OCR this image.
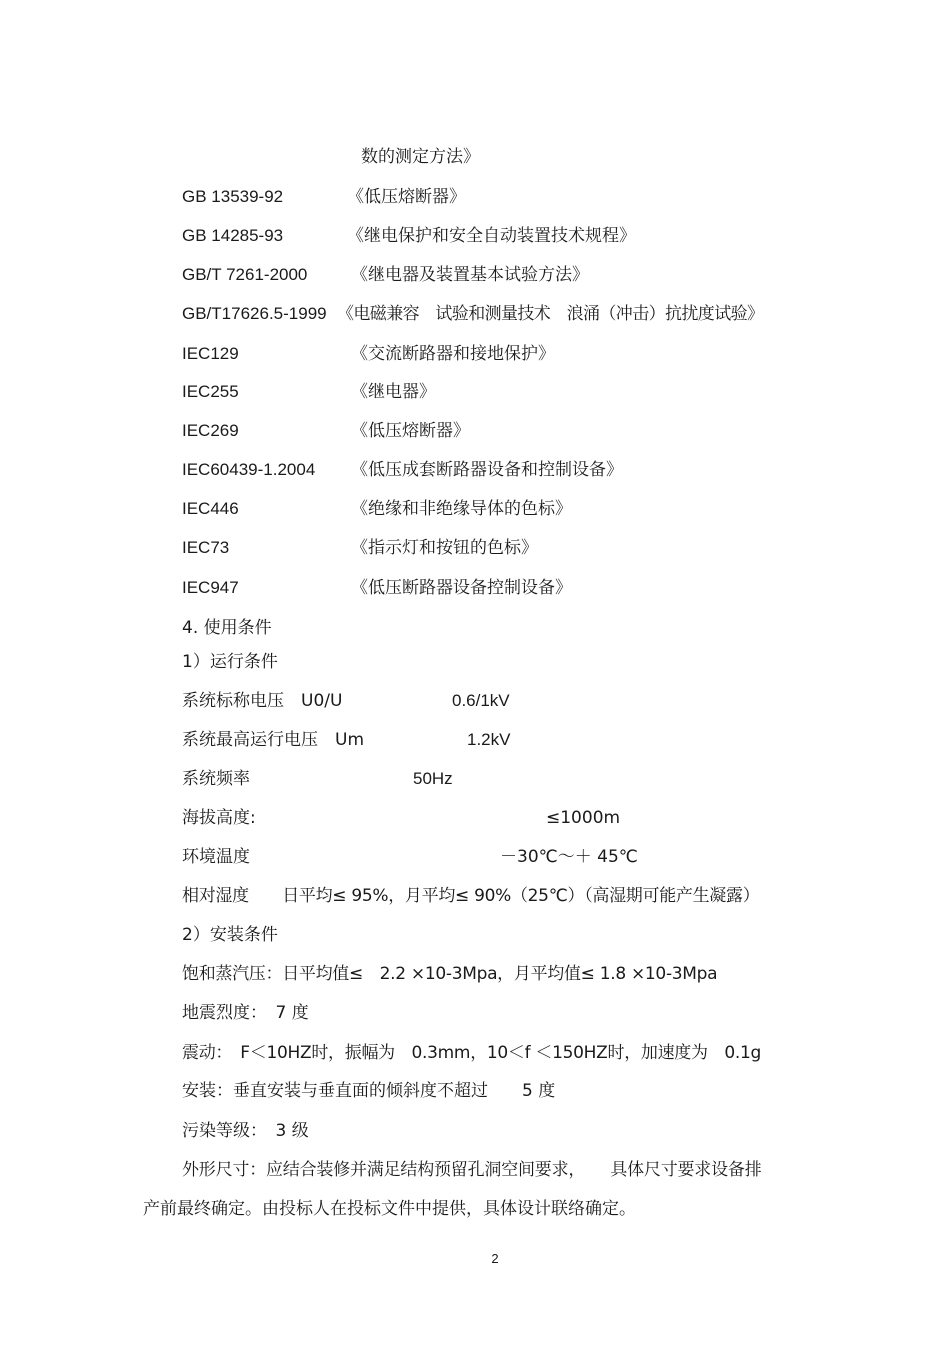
数的测定方法》
GB 13539-92	《低压熔断器》
GB 14285-93	《继电保护和安全自动装置技术规程》
GB/T 7261-2000	《继电器及装置基本试验方法》
GB/T17626.5-1999 《电磁兼容　试验和测量技术　浪涌（冲击）抗扰度试验》
IEC129	《交流断路器和接地保护》
IEC255	《继电器》
IEC269	《低压熔断器》
IEC60439-1.2004 《低压成套断路器设备和控制设备》
IEC446	《绝缘和非绝缘导体的色标》
IEC73	《指示灯和按钮的色标》
IEC947	《低压断路器设备控制设备》
4. 使用条件
1）运行条件
系统标称电压　U0/U	0.6/1kV
系统最高运行电压　Um	1.2kV
系统频率	50Hz
海拔高度:	≤1000m
环境温度	－30℃～＋ 45℃
相对湿度　　日平均≤ 95%，月平均≤ 90%（25℃）（高湿期可能产生凝露）
2）安装条件
饱和蒸汽压：日平均值≤　2.2 ×10-3Mpa，月平均值≤ 1.8 ×10-3Mpa
地震烈度：　7 度
震动：　F＜10HZ时，振幅为　0.3mm，10＜f ＜150HZ时，加速度为　0.1g
安装：垂直安装与垂直面的倾斜度不超过　　5 度
污染等级：　3 级
外形尺寸：应结合装修并满足结构预留孔洞空间要求，　　具体尺寸要求设备排
产前最终确定。由投标人在投标文件中提供，具体设计联络确定。
2
